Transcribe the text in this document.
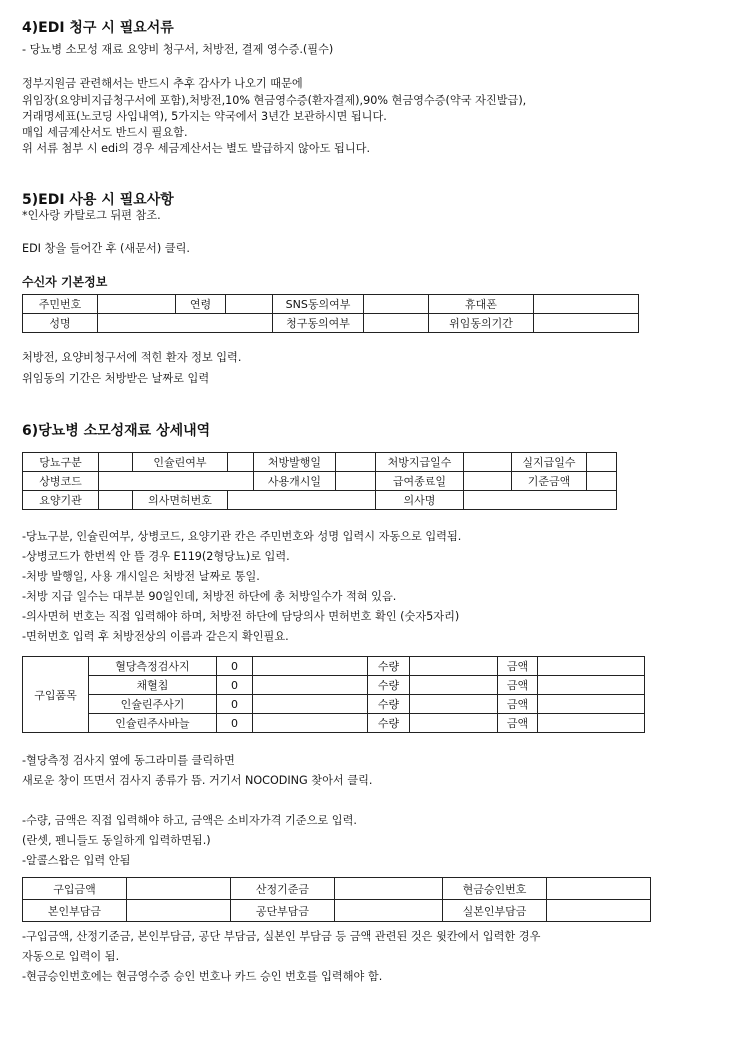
4)EDI 청구 시 필요서류
- 당뇨병 소모성 재료 요양비 청구서, 처방전, 결제 영수증.(필수)
정부지원금 관련해서는 반드시 추후 감사가 나오기 때문에
위임장(요양비지급청구서에 포함),처방전,10% 현금영수증(환자결제),90% 현금영수증(약국 자진발급),
거래명세표(노코딩 사입내역), 5가지는 약국에서 3년간 보관하시면 됩니다.
매입 세금계산서도 반드시 필요함.
위 서류 첨부 시 edi의 경우 세금계산서는 별도 발급하지 않아도 됩니다.
5)EDI 사용 시 필요사항
*인사랑 카탈로그 뒤편 참조.
EDI 창을 들어간 후 (새문서) 클릭.
수신자 기본정보
주민번호		연령		SNS동의여부		휴대폰	
성명				청구동의여부		위임동의기간	
처방전, 요양비청구서에 적힌 환자 정보 입력.
위임동의 기간은 처방받은 날짜로 입력
6)당뇨병 소모성재료 상세내역
당뇨구분		인슐린여부		처방발행일		처방지급일수		실지급일수	
상병코드				사용개시일		급여종료일		기준금액	
요양기관		의사면허번호				의사명			
-당뇨구분, 인슐린여부, 상병코드, 요양기관 칸은 주민번호와 성명 입력시 자동으로 입력됨.
-상병코드가 한번씩 안 뜰 경우 E119(2형당뇨)로 입력.
-처방 발행일, 사용 개시일은 처방전 날짜로 통일.
-처방 지급 일수는 대부분 90일인데, 처방전 하단에 총 처방일수가 적혀 있음.
-의사면허 번호는 직접 입력해야 하며, 처방전 하단에 담당의사 면허번호 확인 (숫자5자리)
-면허번호 입력 후 처방전상의 이름과 같은지 확인필요.
구입품목	혈당측정검사지	0		수량		금액	
	채혈침	0		수량		금액	
	인슐린주사기	0		수량		금액	
	인슐린주사바늘	0		수량		금액	
-혈당측정 검사지 옆에 동그라미를 클릭하면
새로운 창이 뜨면서 검사지 종류가 뜸. 거기서 NOCODING 찾아서 클릭.
-수량, 금액은 직접 입력해야 하고, 금액은 소비자가격 기준으로 입력.
(란셋, 펜니들도 동일하게 입력하면됨.)
-알콜스왑은 입력 안됨
구입금액		산정기준금		현금승인번호	
본인부담금		공단부담금		실본인부담금	
-구입금액, 산정기준금, 본인부담금, 공단 부담금, 실본인 부담금 등 금액 관련된 것은 윗칸에서 입력한 경우
자동으로 입력이 됨.
-현금승인번호에는 현금영수증 승인 번호나 카드 승인 번호를 입력해야 함.
